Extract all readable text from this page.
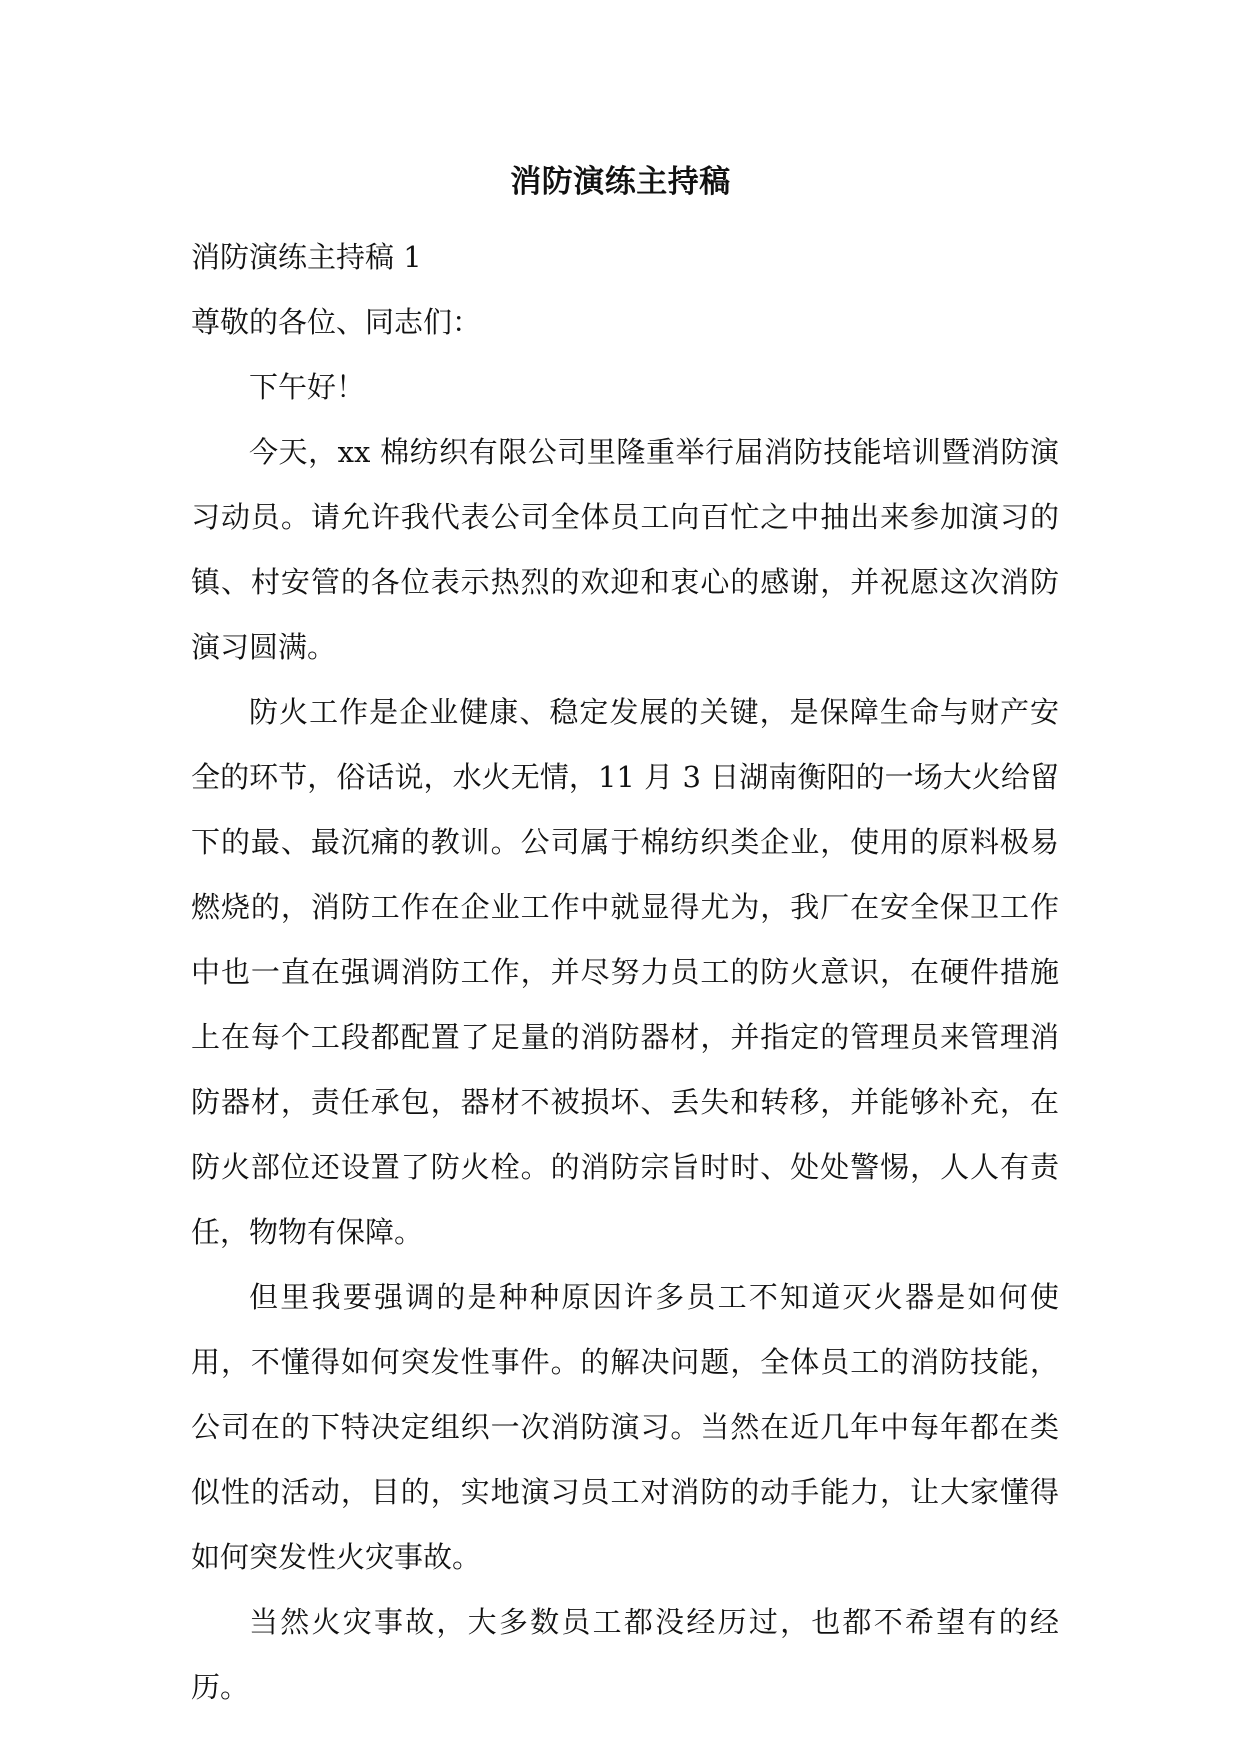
消防演练主持稿

消防演练主持稿 1

尊敬的各位、同志们：

下午好！

今天，xx 棉纺织有限公司里隆重举行届消防技能培训暨消防演习动员。请允许我代表公司全体员工向百忙之中抽出来参加演习的镇、村安管的各位表示热烈的欢迎和衷心的感谢，并祝愿这次消防演习圆满。

防火工作是企业健康、稳定发展的关键，是保障生命与财产安全的环节，俗话说，水火无情，11 月 3 日湖南衡阳的一场大火给留下的最、最沉痛的教训。公司属于棉纺织类企业，使用的原料极易燃烧的，消防工作在企业工作中就显得尤为，我厂在安全保卫工作中也一直在强调消防工作，并尽努力员工的防火意识，在硬件措施上在每个工段都配置了足量的消防器材，并指定的管理员来管理消防器材，责任承包，器材不被损坏、丢失和转移，并能够补充，在防火部位还设置了防火栓。的消防宗旨时时、处处警惕，人人有责任，物物有保障。

但里我要强调的是种种原因许多员工不知道灭火器是如何使用，不懂得如何突发性事件。的解决问题，全体员工的消防技能，公司在的下特决定组织一次消防演习。当然在近几年中每年都在类似性的活动，目的，实地演习员工对消防的动手能力，让大家懂得如何突发性火灾事故。

当然火灾事故，大多数员工都没经历过，也都不希望有的经历。
